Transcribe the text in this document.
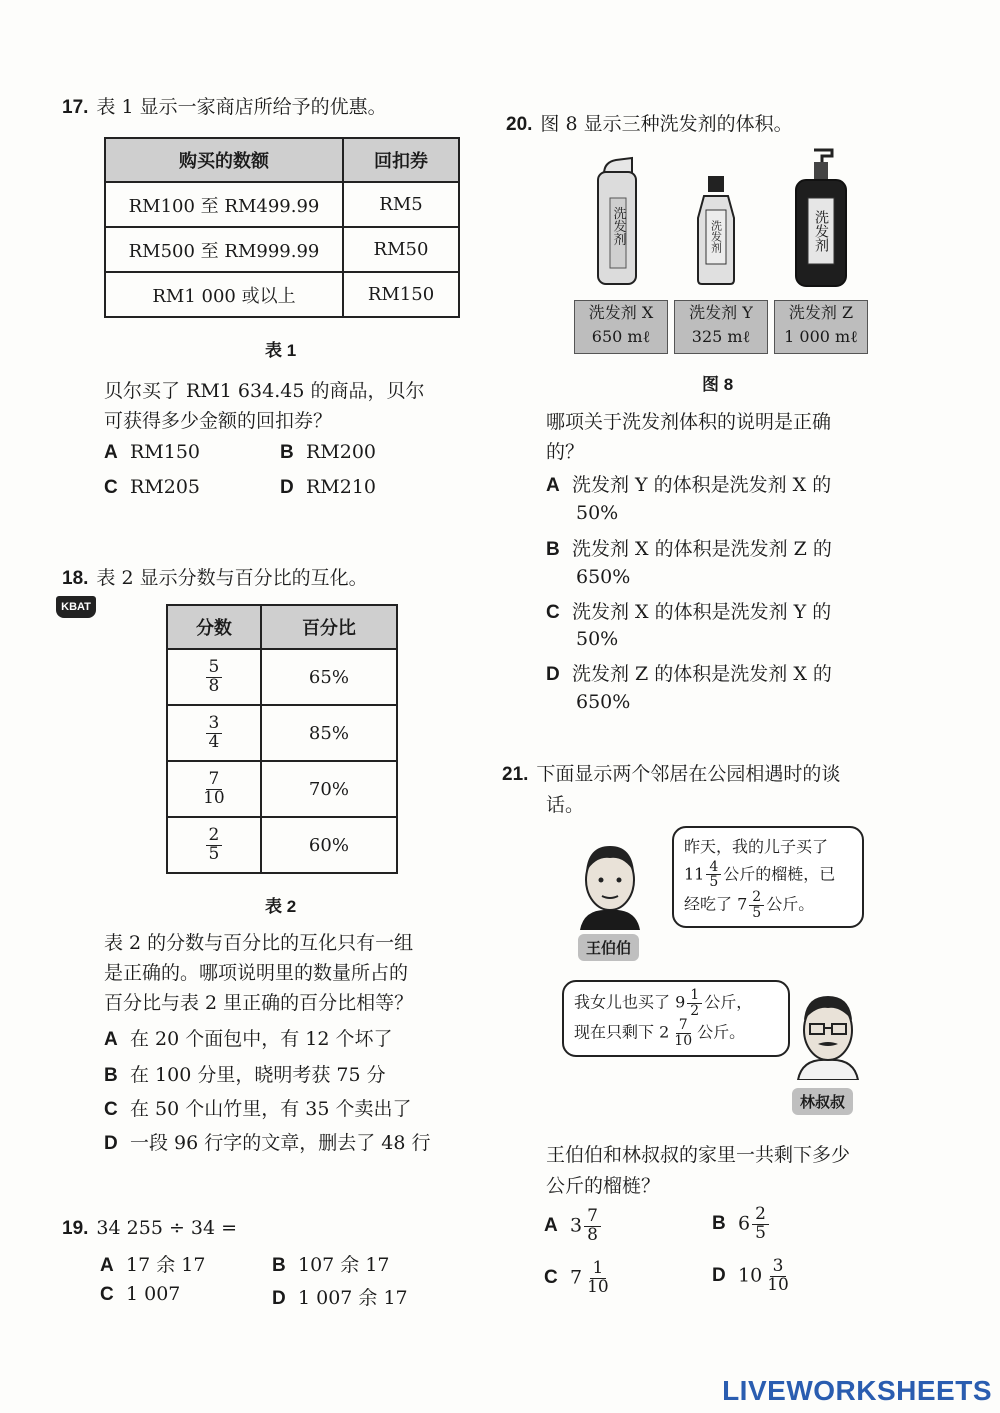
17. 表 1 显示一家商店所给予的优惠。
购买的数额	回扣券
RM100 至 RM499.99	RM5
RM500 至 RM999.99	RM50
RM1 000 或以上	RM150
表 1
贝尔买了 RM1 634.45 的商品，贝尔
可获得多少金额的回扣券？
A RM150	B RM200
C RM205	D RM210
18. 表 2 显示分数与百分比的互化。
KBAT
分数	百分比

$\frac{5}{8}$	65%

$\frac{3}{4}$	85%

$\frac{7}{10}$	70%

$\frac{2}{5}$	60%
表 2
表 2 的分数与百分比的互化只有一组
是正确的。哪项说明里的数量所占的
百分比与表 2 里正确的百分比相等？
A 在 20 个面包中，有 12 个坏了
B 在 100 分里，晓明考获 75 分
C 在 50 个山竹里，有 35 个卖出了
D 一段 96 行字的文章，删去了 48 行
19. 34 255 ÷ 34 =
A 17 余 17	B 107 余 17
C 1 007	D 1 007 余 17
20. 图 8 显示三种洗发剂的体积。
洗发剂	洗发剂	洗发剂
洗发剂 X
650 mℓ
洗发剂 Y
325 mℓ
洗发剂 Z
1 000 mℓ
图 8
哪项关于洗发剂体积的说明是正确
的？
A 洗发剂 Y 的体积是洗发剂 X 的
50%
B 洗发剂 X 的体积是洗发剂 Z 的
650%
C 洗发剂 X 的体积是洗发剂 Y 的
50%
D 洗发剂 Z 的体积是洗发剂 X 的
650%
21. 下面显示两个邻居在公园相遇时的谈
话。
王伯伯
昨天，我的儿子买了
$11 \frac{4}{5}$ 公斤的榴梿，已
经吃了 $7 \frac{2}{5}$ 公斤。
我女儿也买了 $9 \frac{1}{2}$ 公斤，
现在只剩下 $2 \frac{7}{10}$ 公斤。
林叔叔
王伯伯和林叔叔的家里一共剩下多少
公斤的榴梿？
A $3 \frac{7}{8}$	B $6 \frac{2}{5}$
C $7 \frac{1}{10}$	D $10 \frac{3}{10}$
LIVEWORKSHEETS
